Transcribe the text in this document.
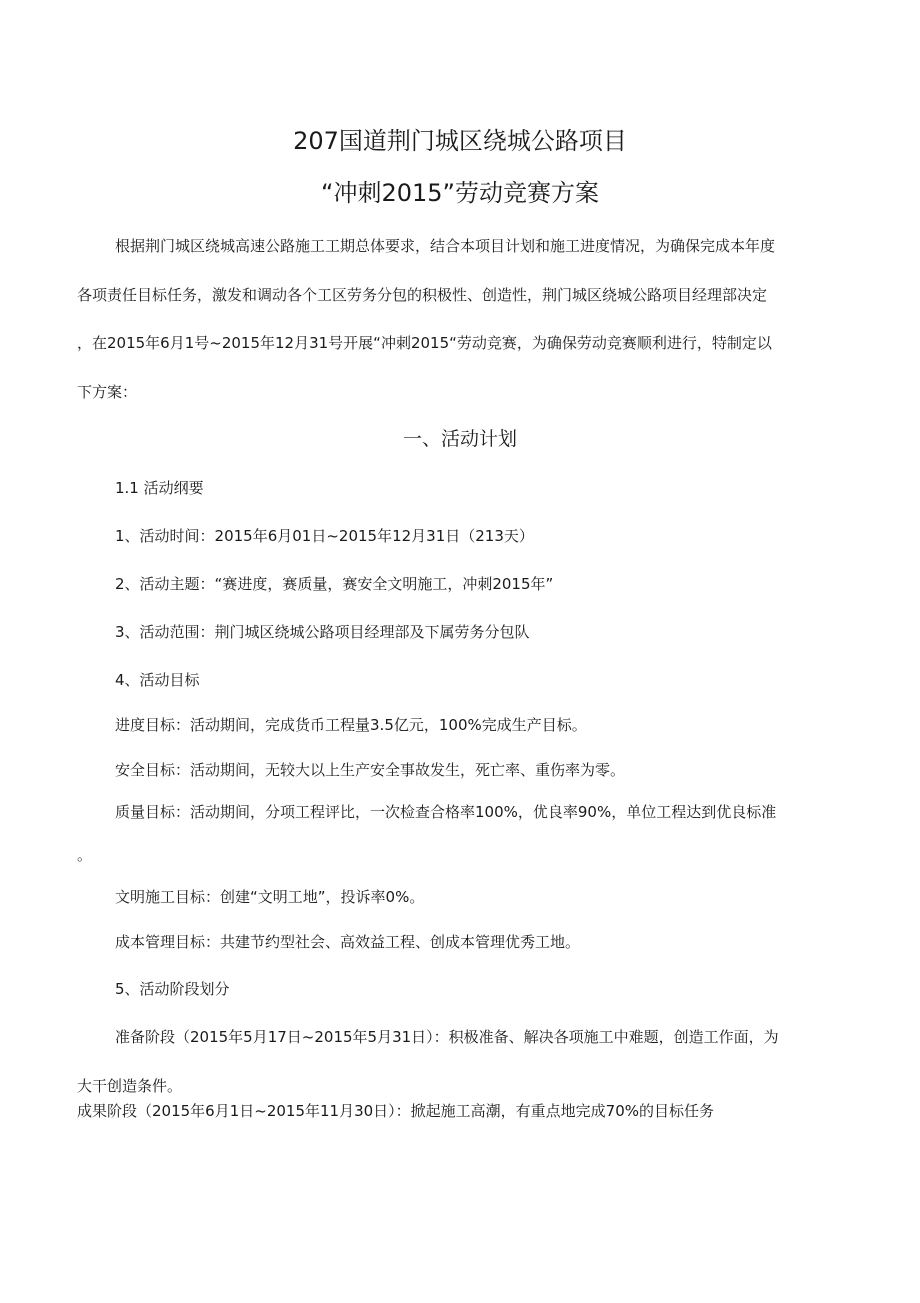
207国道荆门城区绕城公路项目
“冲刺2015”劳动竞赛方案
根据荆门城区绕城高速公路施工工期总体要求，结合本项目计划和施工进度情况，为确保完成本年度
各项责任目标任务，激发和调动各个工区劳务分包的积极性、创造性，荆门城区绕城公路项目经理部决定
，在2015年6月1号~2015年12月31号开展“冲刺2015“劳动竞赛，为确保劳动竞赛顺利进行，特制定以
下方案：
一、活动计划
1.1 活动纲要
1、活动时间：2015年6月01日~2015年12月31日（213天）
2、活动主题：“赛进度，赛质量，赛安全文明施工，冲刺2015年”
3、活动范围：荆门城区绕城公路项目经理部及下属劳务分包队
4、活动目标
进度目标：活动期间，完成货币工程量3.5亿元，100%完成生产目标。
安全目标：活动期间，无较大以上生产安全事故发生，死亡率、重伤率为零。
质量目标：活动期间，分项工程评比，一次检查合格率100%，优良率90%，单位工程达到优良标准
。
文明施工目标：创建“文明工地”，投诉率0%。
成本管理目标：共建节约型社会、高效益工程、创成本管理优秀工地。
5、活动阶段划分
准备阶段（2015年5月17日~2015年5月31日）：积极准备、解决各项施工中难题，创造工作面，为
大干创造条件。
成果阶段（2015年6月1日~2015年11月30日）：掀起施工高潮，有重点地完成70%的目标任务
